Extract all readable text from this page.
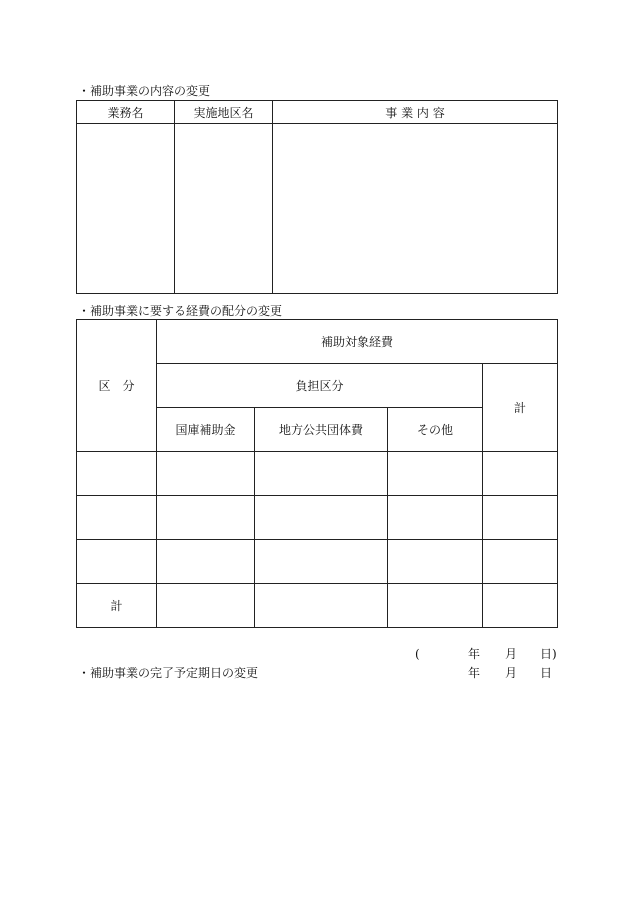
・補助事業の内容の変更
業務名	実施地区名	事 業 内 容

・補助事業に要する経費の配分の変更
区　分	補助対象経費			
	負担区分			計
	国庫補助金	地方公共団体費	その他	

計				
(	年 月 日)
・補助事業の完了予定期日の変更	年 月 日
